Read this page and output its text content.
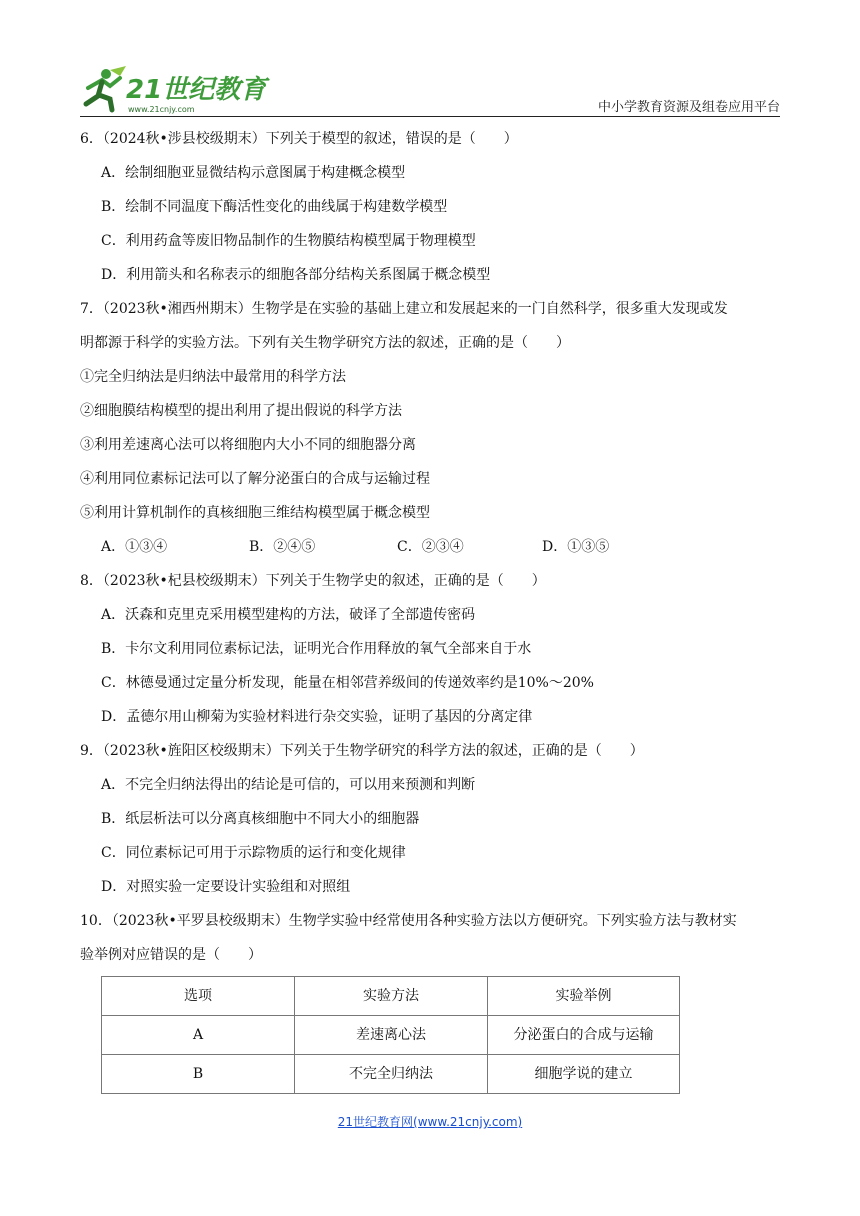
21世纪教育
www.21cnjy.com	中小学教育资源及组卷应用平台

6．（2024秋•涉县校级期末）下列关于模型的叙述，错误的是（　　）

A．绘制细胞亚显微结构示意图属于构建概念模型

B．绘制不同温度下酶活性变化的曲线属于构建数学模型

C．利用药盒等废旧物品制作的生物膜结构模型属于物理模型

D．利用箭头和名称表示的细胞各部分结构关系图属于概念模型

7．（2023秋•湘西州期末）生物学是在实验的基础上建立和发展起来的一门自然科学，很多重大发现或发

明都源于科学的实验方法。下列有关生物学研究方法的叙述，正确的是（　　）

①完全归纳法是归纳法中最常用的科学方法

②细胞膜结构模型的提出利用了提出假说的科学方法

③利用差速离心法可以将细胞内大小不同的细胞器分离

④利用同位素标记法可以了解分泌蛋白的合成与运输过程

⑤利用计算机制作的真核细胞三维结构模型属于概念模型

A．①③④	B．②④⑤	C．②③④	D．①③⑤

8．（2023秋•杞县校级期末）下列关于生物学史的叙述，正确的是（　　）

A．沃森和克里克采用模型建构的方法，破译了全部遗传密码

B．卡尔文利用同位素标记法，证明光合作用释放的氧气全部来自于水

C．林德曼通过定量分析发现，能量在相邻营养级间的传递效率约是10%～20%

D．孟德尔用山柳菊为实验材料进行杂交实验，证明了基因的分离定律

9．（2023秋•旌阳区校级期末）下列关于生物学研究的科学方法的叙述，正确的是（　　）

A．不完全归纳法得出的结论是可信的，可以用来预测和判断

B．纸层析法可以分离真核细胞中不同大小的细胞器

C．同位素标记可用于示踪物质的运行和变化规律

D．对照实验一定要设计实验组和对照组

10．（2023秋•平罗县校级期末）生物学实验中经常使用各种实验方法以方便研究。下列实验方法与教材实

验举例对应错误的是（　　）

选项	实验方法	实验举例
A	差速离心法	分泌蛋白的合成与运输
B	不完全归纳法	细胞学说的建立
21世纪教育网(www.21cnjy.com)
